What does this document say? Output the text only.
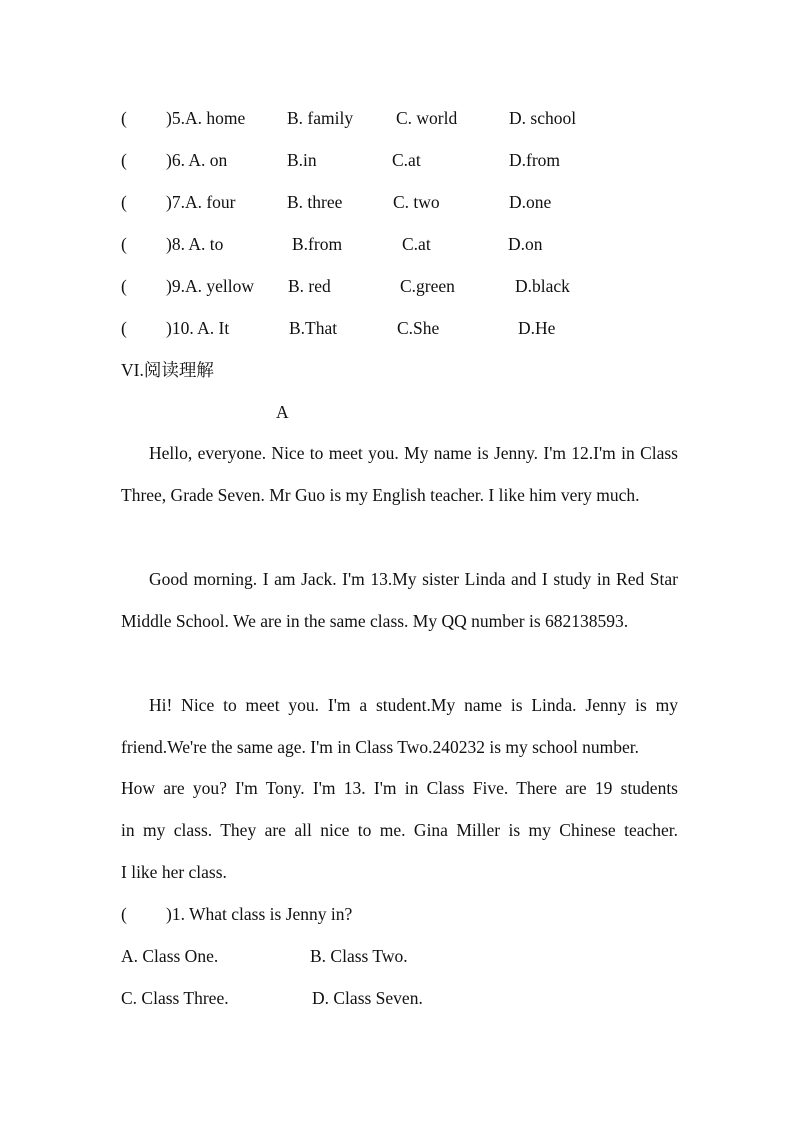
( )5.A. home B. family C. world	D. school
( )6. A. on	B.in	C.at	D.from
( )7.A. four	B. three	C. two	D.one
( )8. A. to	B.from	C.at	D.on
( )9.A. yellow B. red	C.green	D.black
( )10. A. It	B.That	C.She	D.He
VI.阅读理解
A

Hello, everyone. Nice to meet you. My name is Jenny. I'm 12.I'm in Class Three, Grade Seven. Mr Guo is my English teacher. I like him very much.

Good morning. I am Jack. I'm 13.My sister Linda and I study in Red Star Middle School. We are in the same class. My QQ number is 682138593.

Hi! Nice to meet you. I'm a student.My name is Linda. Jenny is my friend.We're the same age. I'm in Class Two.240232 is my school number.

How are you? I'm Tony. I'm 13. I'm in Class Five. There are 19 students
in my class. They are all nice to me. Gina Miller is my Chinese teacher.
I like her class.
( )1. What class is Jenny in?
A. Class One.	B. Class Two.
C. Class Three.	D. Class Seven.
